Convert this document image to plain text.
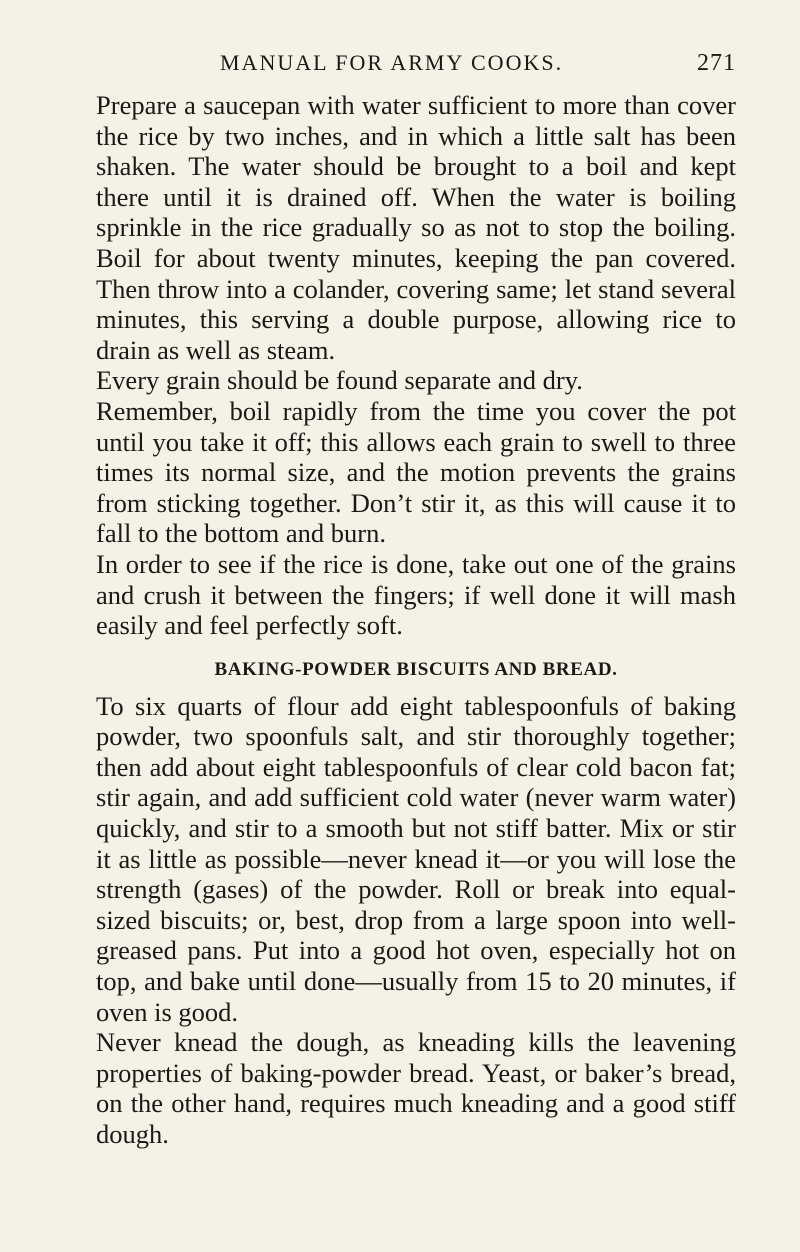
MANUAL FOR ARMY COOKS.	271

Prepare a saucepan with water sufficient to more than cover the rice by two inches, and in which a little salt has been shaken. The water should be brought to a boil and kept there until it is drained off. When the water is boiling sprinkle in the rice gradually so as not to stop the boiling. Boil for about twenty minutes, keeping the pan covered. Then throw into a colander, covering same; let stand several minutes, this serving a double purpose, allowing rice to drain as well as steam.

Every grain should be found separate and dry.

Remember, boil rapidly from the time you cover the pot until you take it off; this allows each grain to swell to three times its normal size, and the motion prevents the grains from sticking together. Don’t stir it, as this will cause it to fall to the bottom and burn.

In order to see if the rice is done, take out one of the grains and crush it between the fingers; if well done it will mash easily and feel perfectly soft.

BAKING-POWDER BISCUITS AND BREAD.

To six quarts of flour add eight tablespoonfuls of baking powder, two spoonfuls salt, and stir thoroughly together; then add about eight tablespoonfuls of clear cold bacon fat; stir again, and add sufficient cold water (never warm water) quickly, and stir to a smooth but not stiff batter. Mix or stir it as little as possible—never knead it—or you will lose the strength (gases) of the powder. Roll or break into equal-sized biscuits; or, best, drop from a large spoon into well-greased pans. Put into a good hot oven, especially hot on top, and bake until done—usually from 15 to 20 minutes, if oven is good.

Never knead the dough, as kneading kills the leavening properties of baking-powder bread. Yeast, or baker’s bread, on the other hand, requires much kneading and a good stiff dough.
